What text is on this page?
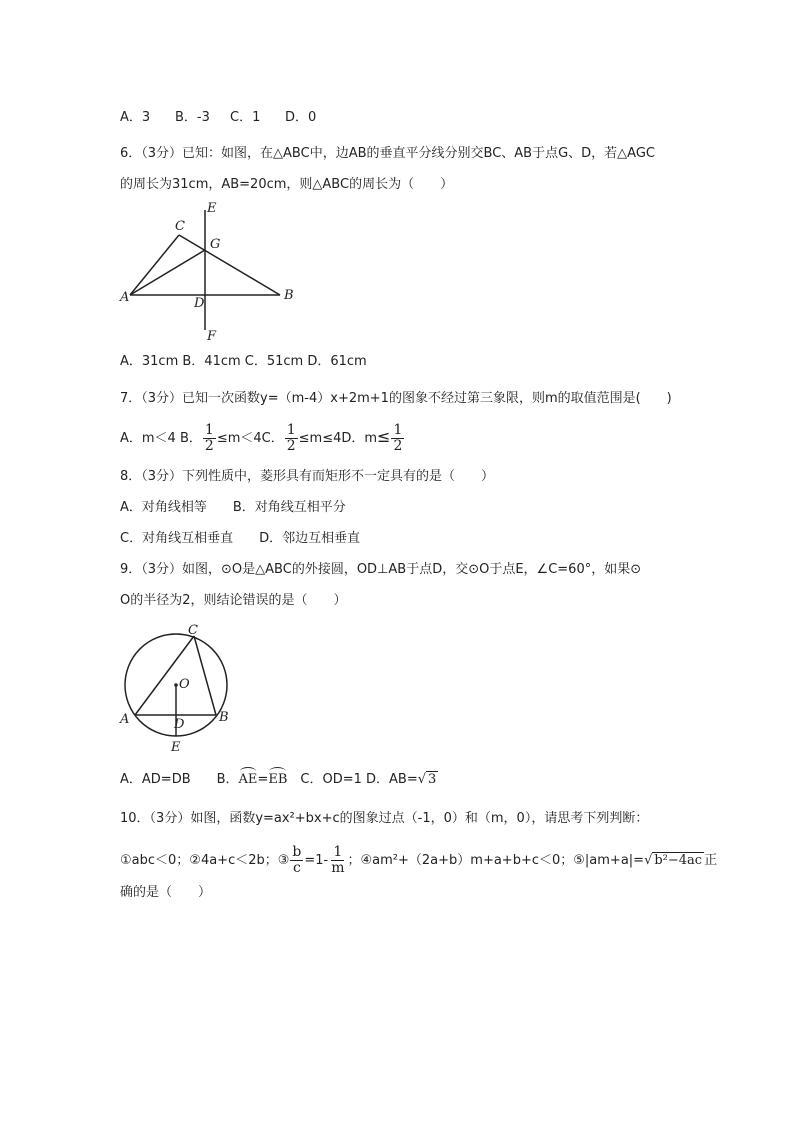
A．3 B．-3 C．1 D．0
6．（3分）已知：如图，在△ABC中，边AB的垂直平分线分别交BC、AB于点G、D，若△AGC
的周长为31cm，AB=20cm，则△ABC的周长为（　　）
A	B
C
D
E
F
G
A．31cm B．41cm C．51cm D．61cm
7．（3分）已知一次函数y=（m-4）x+2m+1的图象不经过第三象限，则m的取值范围是(　　)
A．m＜4 B． $\frac{1}{2} \le m<4C$． $\frac{1}{2} \le m\le 4D$．$m\le \frac{1}{2}$
8．（3分）下列性质中，菱形具有而矩形不一定具有的是（　　）
A．对角线相等　　B．对角线互相平分
C．对角线互相垂直　　D．邻边互相垂直
9．（3分）如图，⊙O是△ABC的外接圆，OD⊥AB于点D，交⊙O于点E，∠C=60°，如果⊙
O的半径为2，则结论错误的是（　　）
A	B
C
D
E
O
A．AD=DB　　B．AE=EB　C．OD=1 D．AB=√ 3
10．（3分）如图，函数y=ax²+bx+c的图象过点（-1，0）和（m，0），请思考下列判断：
①abc＜0；②4a+c＜2b；③ $\frac{b}{c} =1- \frac{1}{m}$ ；④am²+（2a+b）m+a+b+c＜0；⑤|am+a|=√ b²−4ac 正
确的是（　　）
